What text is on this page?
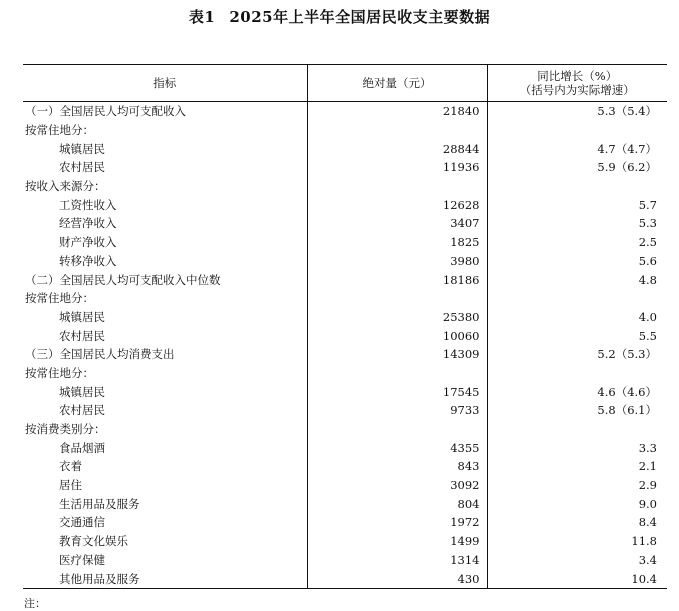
表1 2025年上半年全国居民收支主要数据
指标	绝对量（元）	同比增长（%）
（括号内为实际增速）

（一）全国居民人均可支配收入	21840	5.3（5.4）
按常住地分：		
城镇居民	28844	4.7（4.7）
农村居民	11936	5.9（6.2）
按收入来源分：		
工资性收入	12628	5.7
经营净收入	3407	5.3
财产净收入	1825	2.5
转移净收入	3980	5.6
（二）全国居民人均可支配收入中位数	18186	4.8
按常住地分：		
城镇居民	25380	4.0
农村居民	10060	5.5
（三）全国居民人均消费支出	14309	5.2（5.3）
按常住地分：		
城镇居民	17545	4.6（4.6）
农村居民	9733	5.8（6.1）
按消费类别分：		
食品烟酒	4355	3.3
衣着	843	2.1
居住	3092	2.9
生活用品及服务	804	9.0
交通通信	1972	8.4
教育文化娱乐	1499	11.8
医疗保健	1314	3.4
其他用品及服务	430	10.4
注：
